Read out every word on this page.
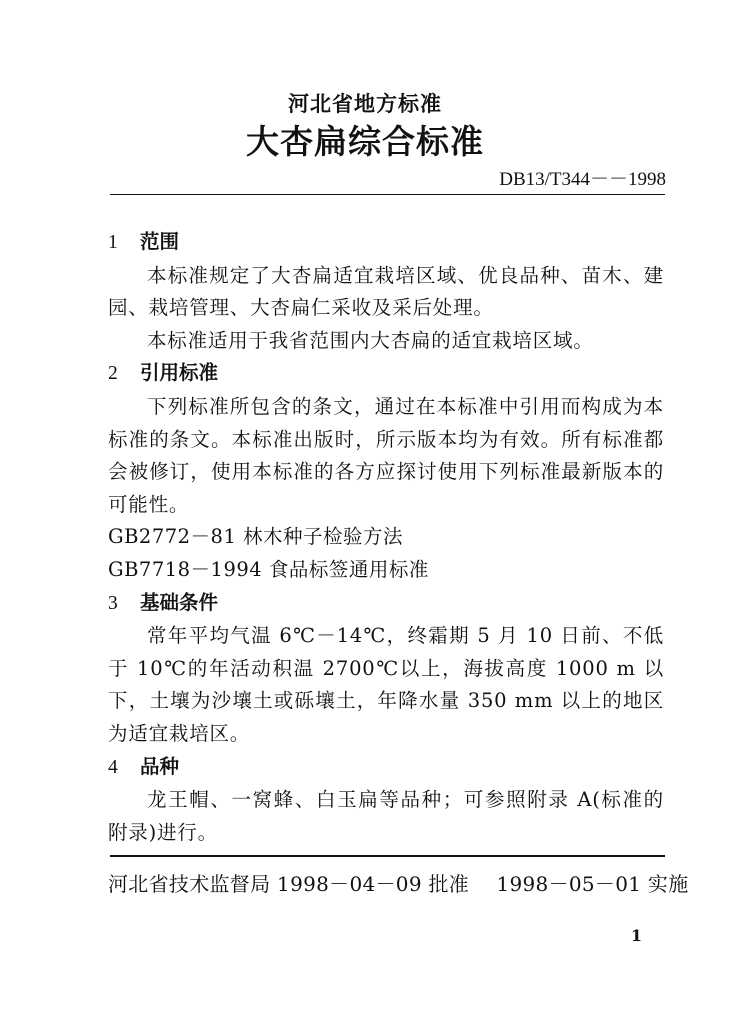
河北省地方标准
大杏扁综合标准
DB13/T344－－1998
1 范围
本标准规定了大杏扁适宜栽培区域、优良品种、苗木、建园、栽培管理、大杏扁仁采收及采后处理。
本标准适用于我省范围内大杏扁的适宜栽培区域。
2 引用标准
下列标准所包含的条文，通过在本标准中引用而构成为本标准的条文。本标准出版时，所示版本均为有效。所有标准都会被修订，使用本标准的各方应探讨使用下列标准最新版本的可能性。
GB2772－81 林木种子检验方法
GB7718－1994 食品标签通用标准
3 基础条件
常年平均气温 6℃－14℃，终霜期 5 月 10 日前、不低于 10℃的年活动积温 2700℃以上，海拔高度 1000 m 以下，土壤为沙壤土或砾壤土，年降水量 350 mm 以上的地区为适宜栽培区。
4 品种
龙王帽、一窝蜂、白玉扁等品种；可参照附录 A(标准的附录)进行。
河北省技术监督局 1998－04－09 批准 1998－05－01 实施
1
